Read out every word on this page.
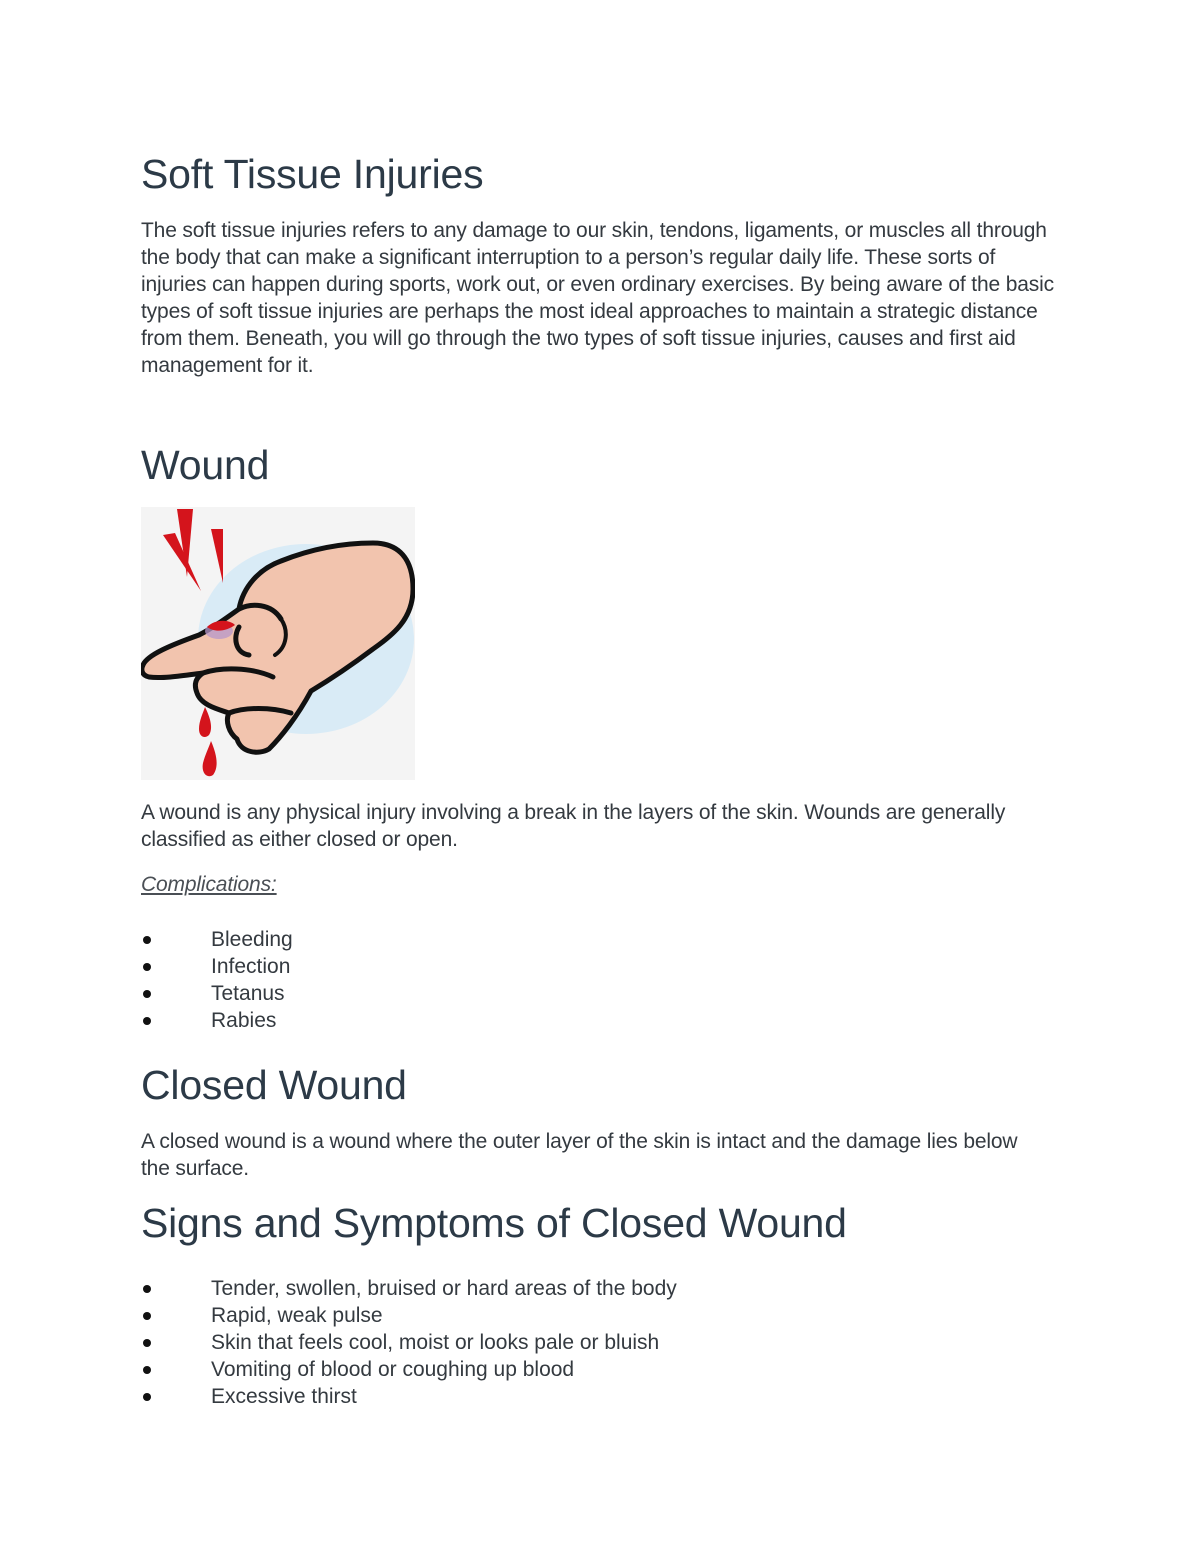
Soft Tissue Injuries

The soft tissue injuries refers to any damage to our skin, tendons, ligaments, or muscles all through the body that can make a significant interruption to a person’s regular daily life. These sorts of injuries can happen during sports, work out, or even ordinary exercises. By being aware of the basic types of soft tissue injuries are perhaps the most ideal approaches to maintain a strategic distance from them. Beneath, you will go through the two types of soft tissue injuries, causes and first aid management for it.

Wound

A wound is any physical injury involving a break in the layers of the skin. Wounds are generally classified as either closed or open.

Complications:

Bleeding
Infection
Tetanus
Rabies
Closed Wound

A closed wound is a wound where the outer layer of the skin is intact and the damage lies below the surface.

Signs and Symptoms of Closed Wound
Tender, swollen, bruised or hard areas of the body
Rapid, weak pulse
Skin that feels cool, moist or looks pale or bluish
Vomiting of blood or coughing up blood
Excessive thirst
